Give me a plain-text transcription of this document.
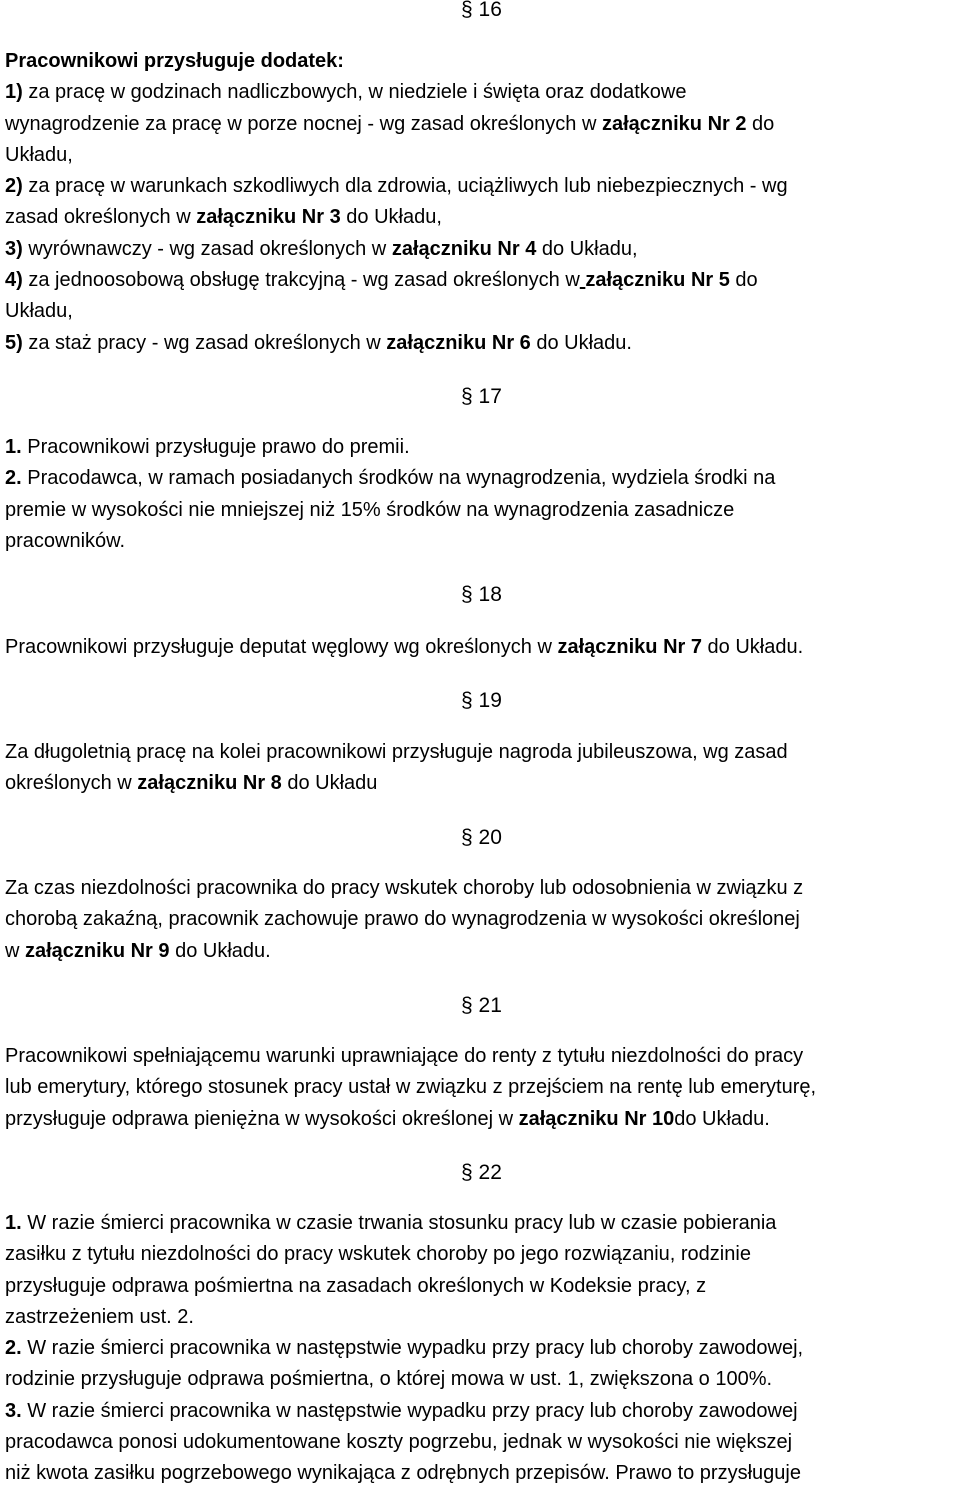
§ 16
Pracownikowi przysługuje dodatek:
1) za pracę w godzinach nadliczbowych, w niedziele i święta oraz dodatkowe
wynagrodzenie za pracę w porze nocnej - wg zasad określonych w załączniku Nr 2 do
Układu,
2) za pracę w warunkach szkodliwych dla zdrowia, uciążliwych lub niebezpiecznych - wg
zasad określonych w załączniku Nr 3 do Układu,
3) wyrównawczy - wg zasad określonych w załączniku Nr 4 do Układu,
4) za jednoosobową obsługę trakcyjną - wg zasad określonych w załączniku Nr 5 do
Układu,
5) za staż pracy - wg zasad określonych w załączniku Nr 6 do Układu.
§ 17
1. Pracownikowi przysługuje prawo do premii.
2. Pracodawca, w ramach posiadanych środków na wynagrodzenia, wydziela środki na
premie w wysokości nie mniejszej niż 15% środków na wynagrodzenia zasadnicze
pracowników.
§ 18
Pracownikowi przysługuje deputat węglowy wg określonych w załączniku Nr 7 do Układu.
§ 19
Za długoletnią pracę na kolei pracownikowi przysługuje nagroda jubileuszowa, wg zasad
określonych w załączniku Nr 8 do Układu
§ 20
Za czas niezdolności pracownika do pracy wskutek choroby lub odosobnienia w związku z
chorobą zakaźną, pracownik zachowuje prawo do wynagrodzenia w wysokości określonej
w załączniku Nr 9 do Układu.
§ 21
Pracownikowi spełniającemu warunki uprawniające do renty z tytułu niezdolności do pracy
lub emerytury, którego stosunek pracy ustał w związku z przejściem na rentę lub emeryturę,
przysługuje odprawa pieniężna w wysokości określonej w załączniku Nr 10do Układu.
§ 22
1. W razie śmierci pracownika w czasie trwania stosunku pracy lub w czasie pobierania
zasiłku z tytułu niezdolności do pracy wskutek choroby po jego rozwiązaniu, rodzinie
przysługuje odprawa pośmiertna na zasadach określonych w Kodeksie pracy, z
zastrzeżeniem ust. 2.
2. W razie śmierci pracownika w następstwie wypadku przy pracy lub choroby zawodowej,
rodzinie przysługuje odprawa pośmiertna, o której mowa w ust. 1, zwiększona o 100%.
3. W razie śmierci pracownika w następstwie wypadku przy pracy lub choroby zawodowej
pracodawca ponosi udokumentowane koszty pogrzebu, jednak w wysokości nie większej
niż kwota zasiłku pogrzebowego wynikająca z odrębnych przepisów. Prawo to przysługuje
